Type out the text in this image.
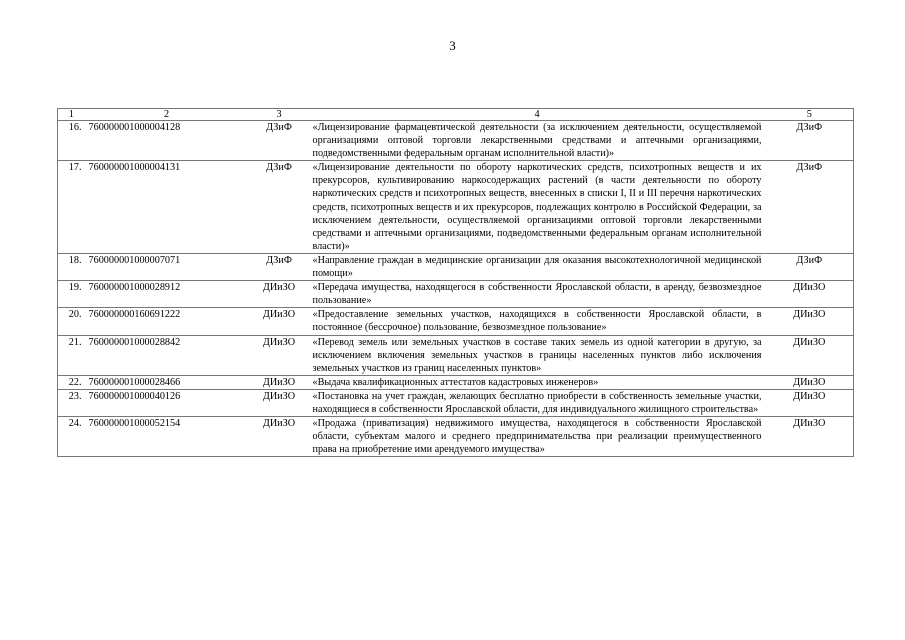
3
1	2	3	4	5
16.	760000001000004128	ДЗиФ	«Лицензирование фармацевтической деятельности (за исключением деятельности, осуществляемой организациями оптовой торговли лекарственными средствами и аптечными организациями, подведомственными федеральным органам исполнительной власти)»	ДЗиФ
17.	760000001000004131	ДЗиФ	«Лицензирование деятельности по обороту наркотических средств, психотропных веществ и их прекурсоров, культивированию наркосодержащих растений (в части деятельности по обороту наркотических средств и психотропных веществ, внесенных в списки I, II и III перечня наркотических средств, психотропных веществ и их прекурсоров, подлежащих контролю в Российской Федерации, за исключением деятельности, осуществляемой организациями оптовой торговли лекарственными средствами и аптечными организациями, подведомственными федеральным органам исполнительной власти)»	ДЗиФ
18.	760000001000007071	ДЗиФ	«Направление граждан в медицинские организации для оказания высокотехнологичной медицинской помощи»	ДЗиФ
19.	760000001000028912	ДИиЗО	«Передача имущества, находящегося в собственности Ярославской области, в аренду, безвозмездное пользование»	ДИиЗО
20.	760000000160691222	ДИиЗО	«Предоставление земельных участков, находящихся в собственности Ярославской области, в постоянное (бессрочное) пользование, безвозмездное пользование»	ДИиЗО
21.	760000001000028842	ДИиЗО	«Перевод земель или земельных участков в составе таких земель из одной категории в другую, за исключением включения земельных участков в границы населенных пунктов либо исключения земельных участков из границ населенных пунктов»	ДИиЗО
22.	760000001000028466	ДИиЗО	«Выдача квалификационных аттестатов кадастровых инженеров»	ДИиЗО
23.	760000001000040126	ДИиЗО	«Постановка на учет граждан, желающих бесплатно приобрести в собственность земельные участки, находящиеся в собственности Ярославской области, для индивидуального жилищного строительства»	ДИиЗО
24.	760000001000052154	ДИиЗО	«Продажа (приватизация) недвижимого имущества, находящегося в собственности Ярославской области, субъектам малого и среднего предпринимательства при реализации преимущественного права на приобретение ими арендуемого имущества»	ДИиЗО
